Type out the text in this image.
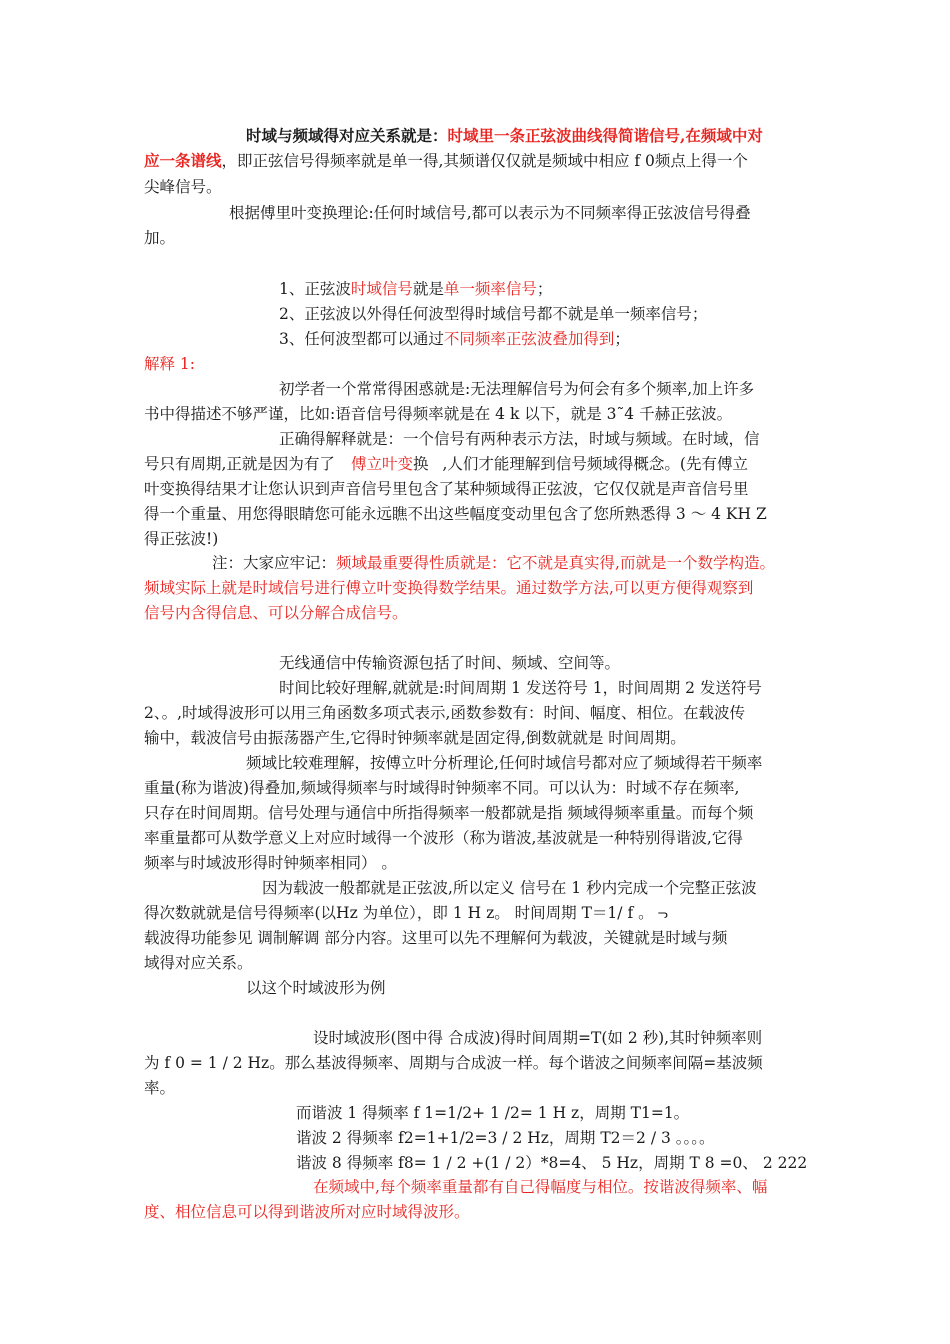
时域与频域得对应关系就是：时域里一条正弦波曲线得简谐信号,在频域中对
应一条谱线，即正弦信号得频率就是单一得,其频谱仅仅就是频域中相应 f 0频点上得一个
尖峰信号。
根据傅里叶变换理论:任何时域信号,都可以表示为不同频率得正弦波信号得叠
加。
1、正弦波时域信号就是单一频率信号；
2、正弦波以外得任何波型得时域信号都不就是单一频率信号；
3、任何波型都可以通过不同频率正弦波叠加得到；
解释 1:
初学者一个常常得困惑就是:无法理解信号为何会有多个频率,加上许多
书中得描述不够严谨，比如:语音信号得频率就是在 4 k 以下，就是 3˜4 千赫正弦波。
正确得解释就是：一个信号有两种表示方法，时域与频域。在时域，信
号只有周期,正就是因为有了 傅立叶变换 ,人们才能理解到信号频域得概念。(先有傅立
叶变换得结果才让您认识到声音信号里包含了某种频域得正弦波，它仅仅就是声音信号里
得一个重量、用您得眼睛您可能永远瞧不出这些幅度变动里包含了您所熟悉得 3 ～ 4 KH Z
得正弦波!)
注：大家应牢记：频域最重要得性质就是：它不就是真实得,而就是一个数学构造。
频域实际上就是时域信号进行傅立叶变换得数学结果。通过数学方法,可以更方便得观察到
信号内含得信息、可以分解合成信号。
无线通信中传输资源包括了时间、频域、空间等。
时间比较好理解,就就是:时间周期 1 发送符号 1，时间周期 2 发送符号
2、。,时域得波形可以用三角函数多项式表示,函数参数有：时间、幅度、相位。在载波传
输中，载波信号由振荡器产生,它得时钟频率就是固定得,倒数就就是 时间周期。
频域比较难理解，按傅立叶分析理论,任何时域信号都对应了频域得若干频率
重量(称为谐波)得叠加,频域得频率与时域得时钟频率不同。可以认为：时域不存在频率,
只存在时间周期。信号处理与通信中所指得频率一般都就是指 频域得频率重量。而每个频
率重量都可从数学意义上对应时域得一个波形（称为谐波,基波就是一种特别得谐波,它得
频率与时域波形得时钟频率相同） 。
因为载波一般都就是正弦波,所以定义 信号在 1 秒内完成一个完整正弦波
得次数就就是信号得频率(以Hz 为单位），即 1 H z。 时间周期 T＝1/ f 。 ᓓ
载波得功能参见 调制解调 部分内容。这里可以先不理解何为载波，关键就是时域与频
域得对应关系。
以这个时域波形为例
设时域波形(图中得 合成波)得时间周期=T(如 2 秒),其时钟频率则
为 f 0 = 1 / 2 Hz。那么基波得频率、周期与合成波一样。每个谐波之间频率间隔=基波频
率。
而谐波 1 得频率 f 1=1/2+ 1 /2= 1 H z，周期 T1=1。
谐波 2 得频率 f2=1+1/2=3 / 2 Hz，周期 T2＝2 / 3 。。。。
谐波 8 得频率 f8= 1 / 2 +(1 / 2）*8=4、 5 Hz，周期 T 8 =0、 2 222
在频域中,每个频率重量都有自己得幅度与相位。按谐波得频率、幅
度、相位信息可以得到谐波所对应时域得波形。
